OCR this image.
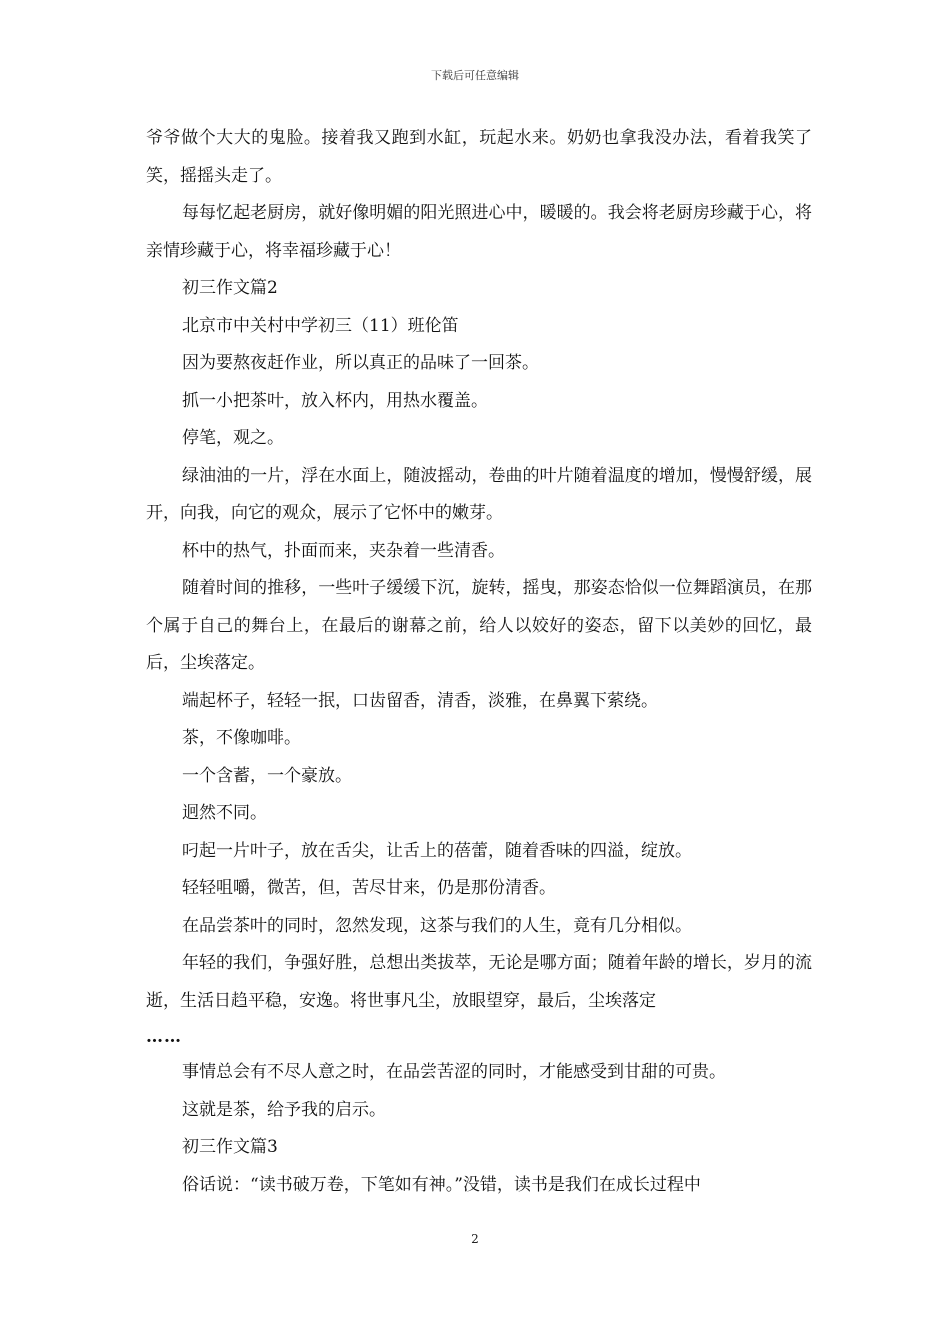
下载后可任意编辑

爷爷做个大大的鬼脸。接着我又跑到水缸，玩起水来。奶奶也拿我没办法，看着我笑了笑，摇摇头走了。

每每忆起老厨房，就好像明媚的阳光照进心中，暖暖的。我会将老厨房珍藏于心，将亲情珍藏于心，将幸福珍藏于心！

初三作文篇2

北京市中关村中学初三（11）班伦笛

因为要熬夜赶作业，所以真正的品味了一回茶。

抓一小把茶叶，放入杯内，用热水覆盖。

停笔，观之。

绿油油的一片，浮在水面上，随波摇动，卷曲的叶片随着温度的增加，慢慢舒缓，展开，向我，向它的观众，展示了它怀中的嫩芽。

杯中的热气，扑面而来，夹杂着一些清香。

随着时间的推移，一些叶子缓缓下沉，旋转，摇曳，那姿态恰似一位舞蹈演员，在那个属于自己的舞台上，在最后的谢幕之前，给人以姣好的姿态，留下以美妙的回忆，最后，尘埃落定。

端起杯子，轻轻一抿，口齿留香，清香，淡雅，在鼻翼下萦绕。

茶，不像咖啡。

一个含蓄，一个豪放。

迥然不同。

叼起一片叶子，放在舌尖，让舌上的蓓蕾，随着香味的四溢，绽放。

轻轻咀嚼，微苦，但，苦尽甘来，仍是那份清香。

在品尝茶叶的同时，忽然发现，这茶与我们的人生，竟有几分相似。

年轻的我们，争强好胜，总想出类拔萃，无论是哪方面；随着年龄的增长，岁月的流逝，生活日趋平稳，安逸。将世事凡尘，放眼望穿，最后，尘埃落定

……

事情总会有不尽人意之时，在品尝苦涩的同时，才能感受到甘甜的可贵。

这就是茶，给予我的启示。

初三作文篇3

俗话说：“读书破万卷，下笔如有神。”没错，读书是我们在成长过程中

2
